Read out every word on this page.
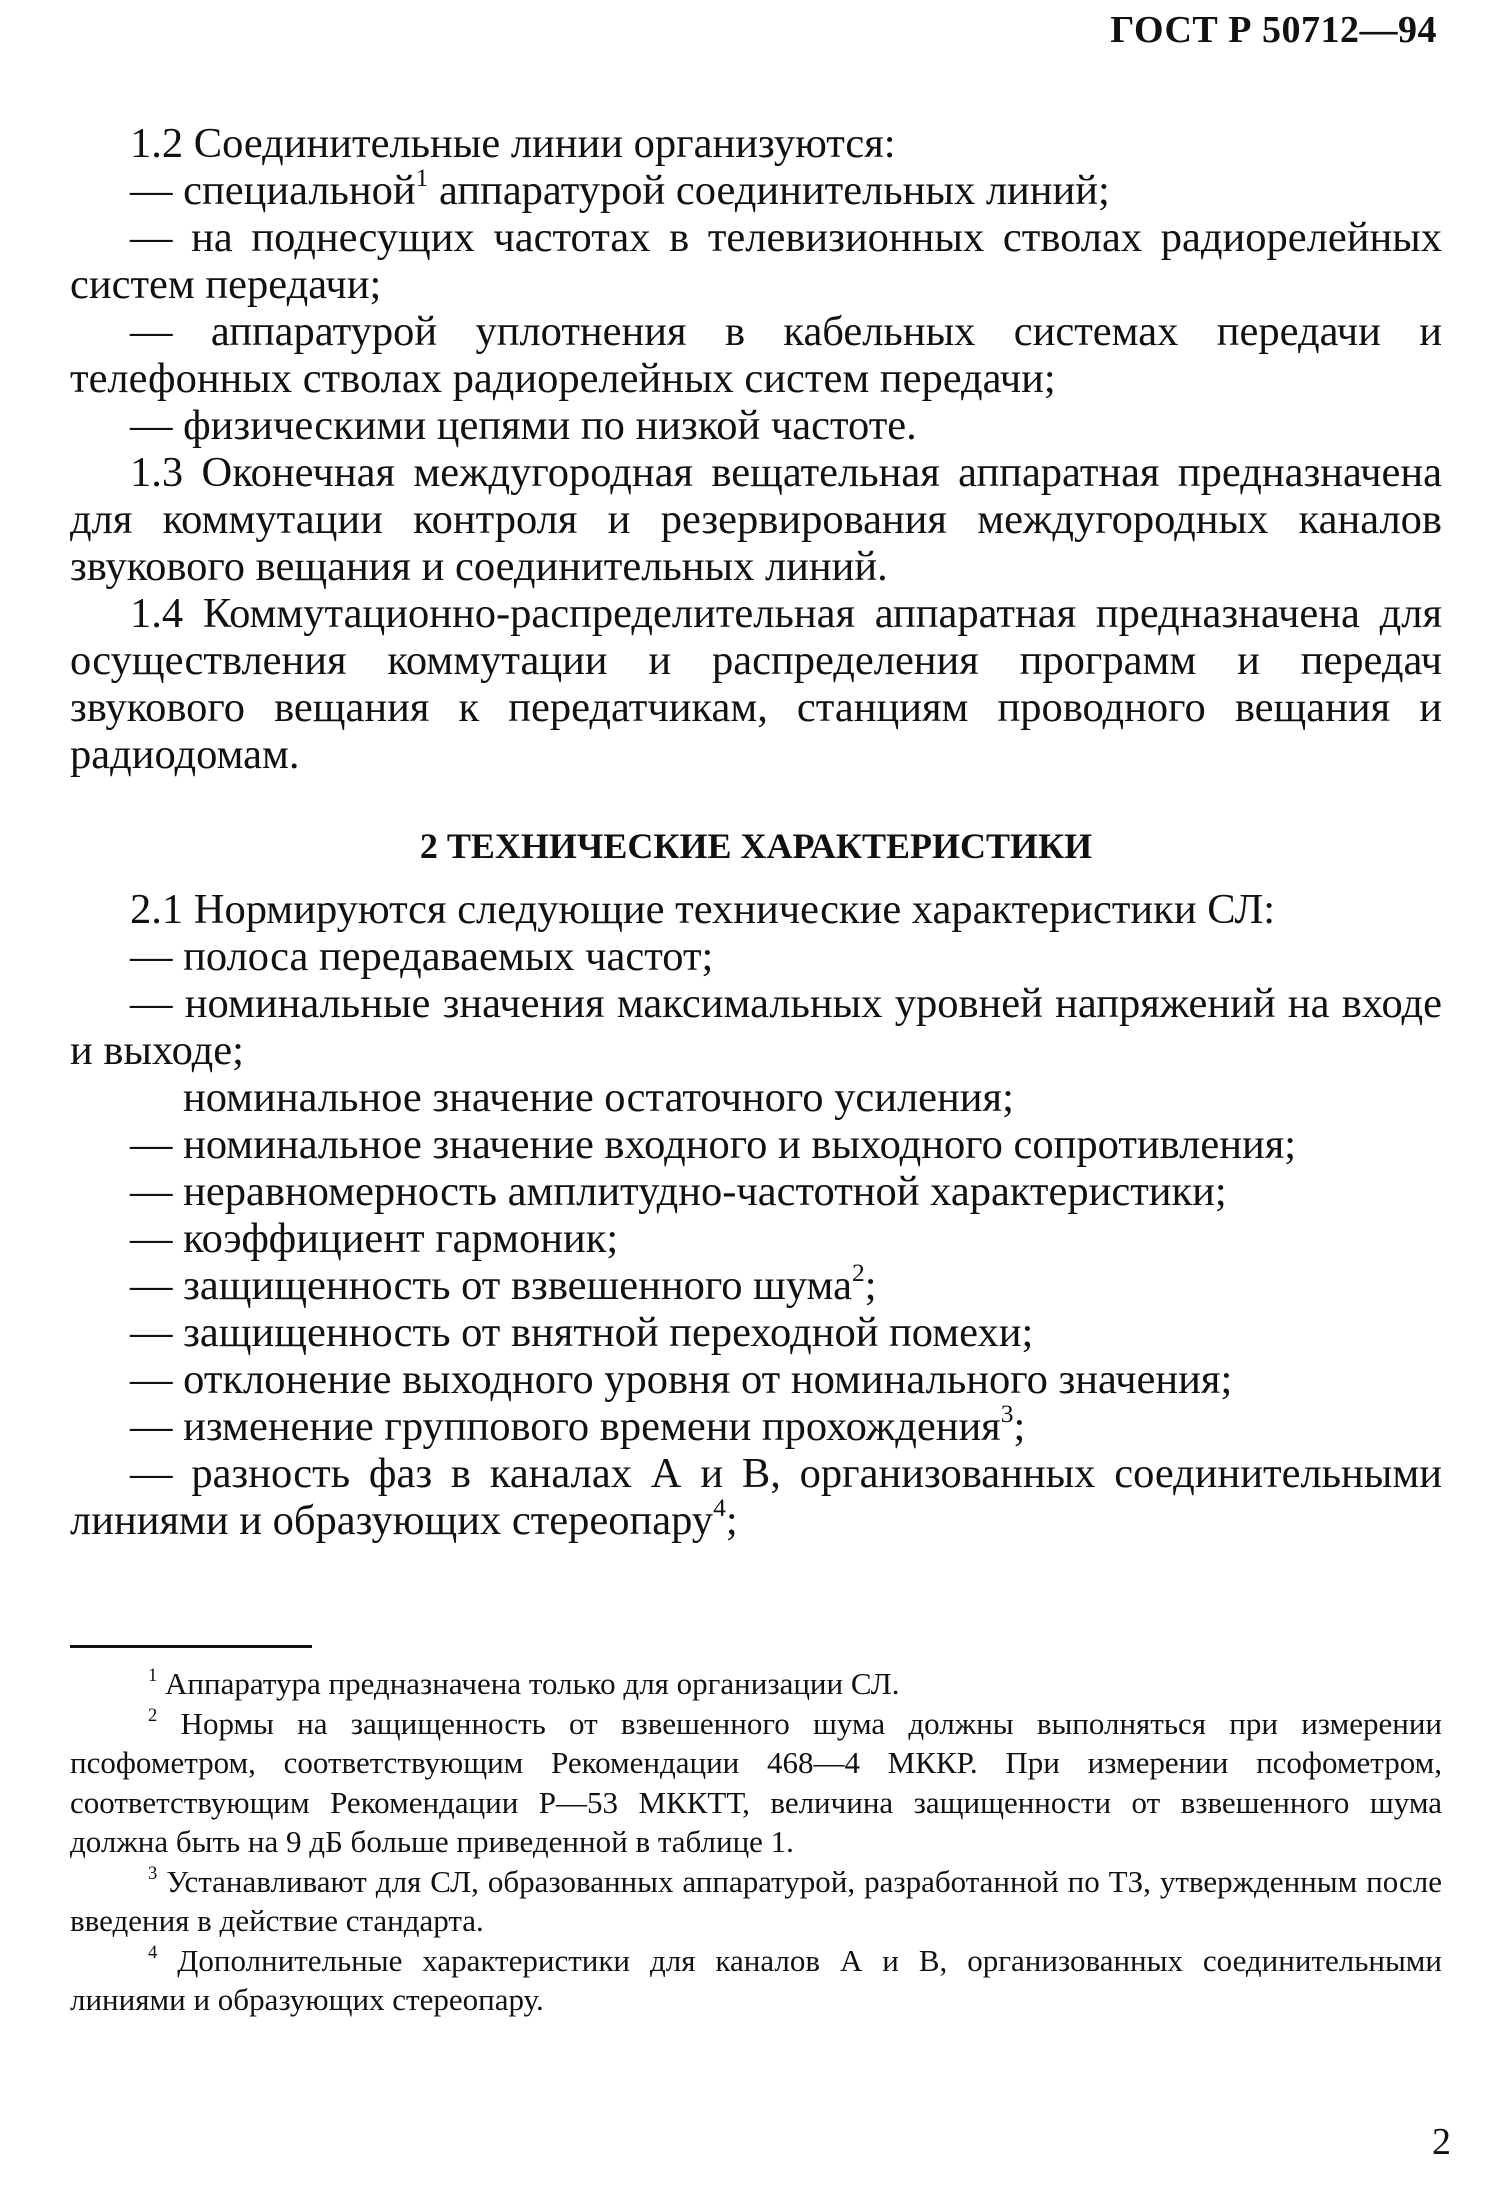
ГОСТ Р 50712—94

1.2 Соединительные линии организуются:

— специальной$^1$ аппаратурой соединительных линий;

— на поднесущих частотах в телевизионных стволах радиорелейных систем передачи;

— аппаратурой уплотнения в кабельных системах передачи и телефонных стволах радиорелейных систем передачи;

— физическими цепями по низкой частоте.

1.3 Оконечная междугородная вещательная аппаратная предназначена для коммутации контроля и резервирования междугородных каналов звукового вещания и соединительных линий.

1.4 Коммутационно-распределительная аппаратная предназначена для осуществления коммутации и распределения программ и передач звукового вещания к передатчикам, станциям проводного вещания и радиодомам.

2 ТЕХНИЧЕСКИЕ ХАРАКТЕРИСТИКИ

2.1 Нормируются следующие технические характеристики СЛ:

— полоса передаваемых частот;

— номинальные значения максимальных уровней напряжений на входе и выходе;

номинальное значение остаточного усиления;

— номинальное значение входного и выходного сопротивления;

— неравномерность амплитудно-частотной характеристики;

— коэффициент гармоник;

— защищенность от взвешенного шума$^2$;

— защищенность от внятной переходной помехи;

— отклонение выходного уровня от номинального значения;

— изменение группового времени прохождения$^3$;

— разность фаз в каналах А и В, организованных соединительными линиями и образующих стереопару$^4$;

$^1$ Аппаратура предназначена только для организации СЛ.

$^2$ Нормы на защищенность от взвешенного шума должны выполняться при измерении псофометром, соответствующим Рекомендации 468—4 МККР. При измерении псофометром, соответствующим Рекомендации Р—53 МККТТ, величина защищенности от взвешенного шума должна быть на 9 дБ больше приведенной в таблице 1.

$^3$ Устанавливают для СЛ, образованных аппаратурой, разработанной по ТЗ, утвержденным после введения в действие стандарта.

$^4$ Дополнительные характеристики для каналов А и В, организованных соединительными линиями и образующих стереопару.

2
